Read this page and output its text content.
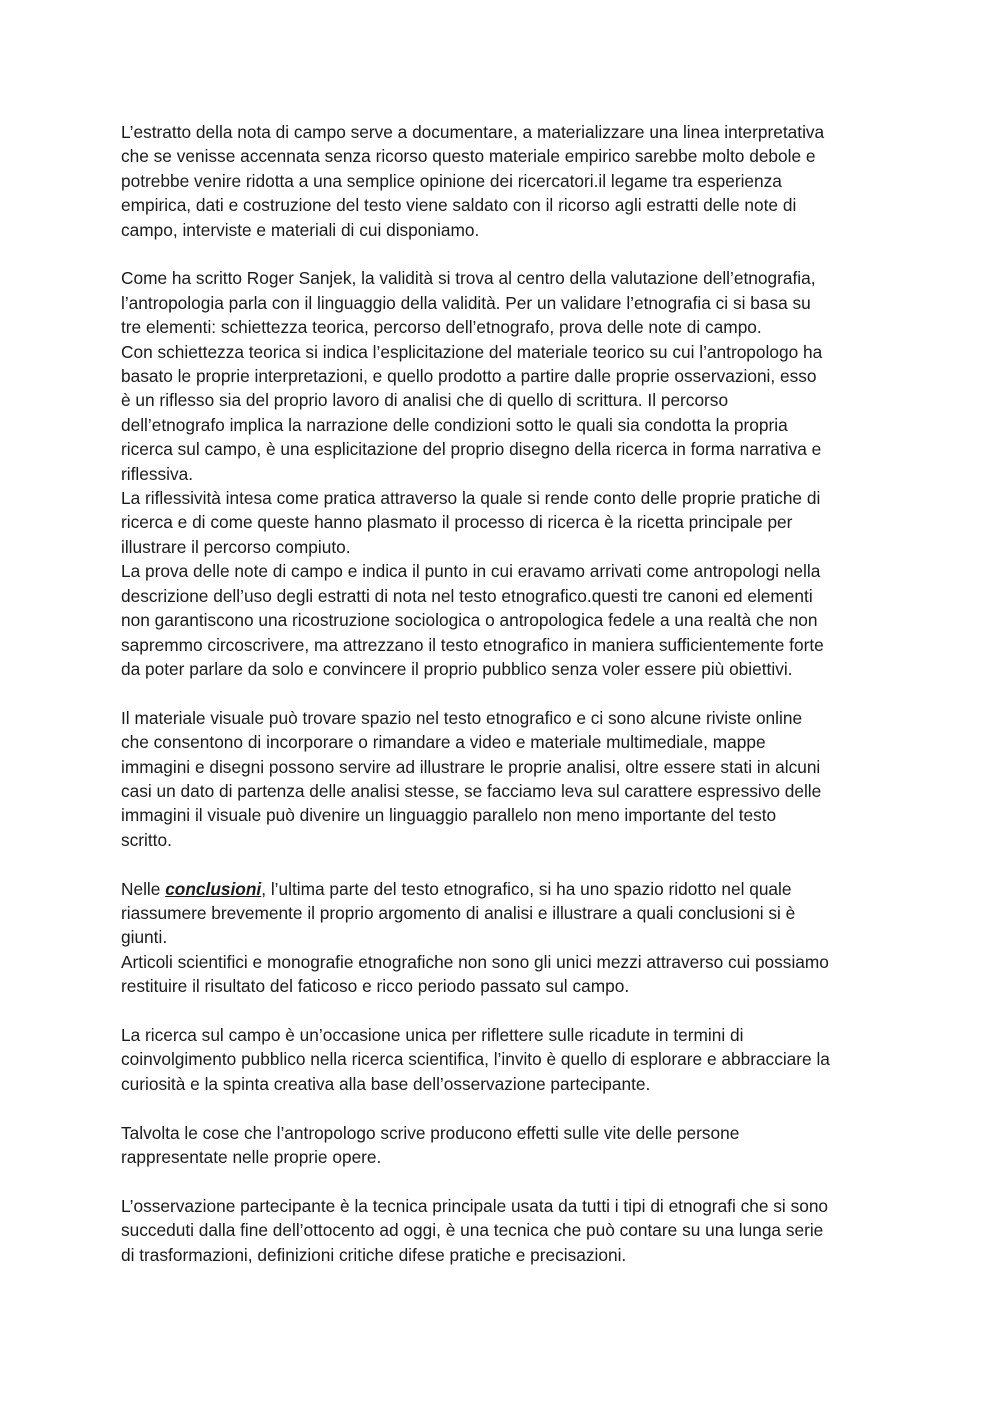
L’estratto della nota di campo serve a documentare, a materializzare una linea interpretativa
che se venisse accennata senza ricorso questo materiale empirico sarebbe molto debole e
potrebbe venire ridotta a una semplice opinione dei ricercatori.il legame tra esperienza
empirica, dati e costruzione del testo viene saldato con il ricorso agli estratti delle note di
campo, interviste e materiali di cui disponiamo.
Come ha scritto Roger Sanjek, la validità si trova al centro della valutazione dell’etnografia,
l’antropologia parla con il linguaggio della validità. Per un validare l’etnografia ci si basa su
tre elementi: schiettezza teorica, percorso dell’etnografo, prova delle note di campo.
Con schiettezza teorica si indica l’esplicitazione del materiale teorico su cui l’antropologo ha
basato le proprie interpretazioni, e quello prodotto a partire dalle proprie osservazioni, esso
è un riflesso sia del proprio lavoro di analisi che di quello di scrittura. Il percorso
dell’etnografo implica la narrazione delle condizioni sotto le quali sia condotta la propria
ricerca sul campo, è una esplicitazione del proprio disegno della ricerca in forma narrativa e
riflessiva.
La riflessività intesa come pratica attraverso la quale si rende conto delle proprie pratiche di
ricerca e di come queste hanno plasmato il processo di ricerca è la ricetta principale per
illustrare il percorso compiuto.
La prova delle note di campo e indica il punto in cui eravamo arrivati come antropologi nella
descrizione dell’uso degli estratti di nota nel testo etnografico.questi tre canoni ed elementi
non garantiscono una ricostruzione sociologica o antropologica fedele a una realtà che non
sapremmo circoscrivere, ma attrezzano il testo etnografico in maniera sufficientemente forte
da poter parlare da solo e convincere il proprio pubblico senza voler essere più obiettivi.
Il materiale visuale può trovare spazio nel testo etnografico e ci sono alcune riviste online
che consentono di incorporare o rimandare a video e materiale multimediale, mappe
immagini e disegni possono servire ad illustrare le proprie analisi, oltre essere stati in alcuni
casi un dato di partenza delle analisi stesse, se facciamo leva sul carattere espressivo delle
immagini il visuale può divenire un linguaggio parallelo non meno importante del testo
scritto.
Nelle conclusioni, l’ultima parte del testo etnografico, si ha uno spazio ridotto nel quale
riassumere brevemente il proprio argomento di analisi e illustrare a quali conclusioni si è
giunti.
Articoli scientifici e monografie etnografiche non sono gli unici mezzi attraverso cui possiamo
restituire il risultato del faticoso e ricco periodo passato sul campo.
La ricerca sul campo è un’occasione unica per riflettere sulle ricadute in termini di
coinvolgimento pubblico nella ricerca scientifica, l’invito è quello di esplorare e abbracciare la
curiosità e la spinta creativa alla base dell’osservazione partecipante.
Talvolta le cose che l’antropologo scrive producono effetti sulle vite delle persone
rappresentate nelle proprie opere.
L’osservazione partecipante è la tecnica principale usata da tutti i tipi di etnografi che si sono
succeduti dalla fine dell’ottocento ad oggi, è una tecnica che può contare su una lunga serie
di trasformazioni, definizioni critiche difese pratiche e precisazioni.
